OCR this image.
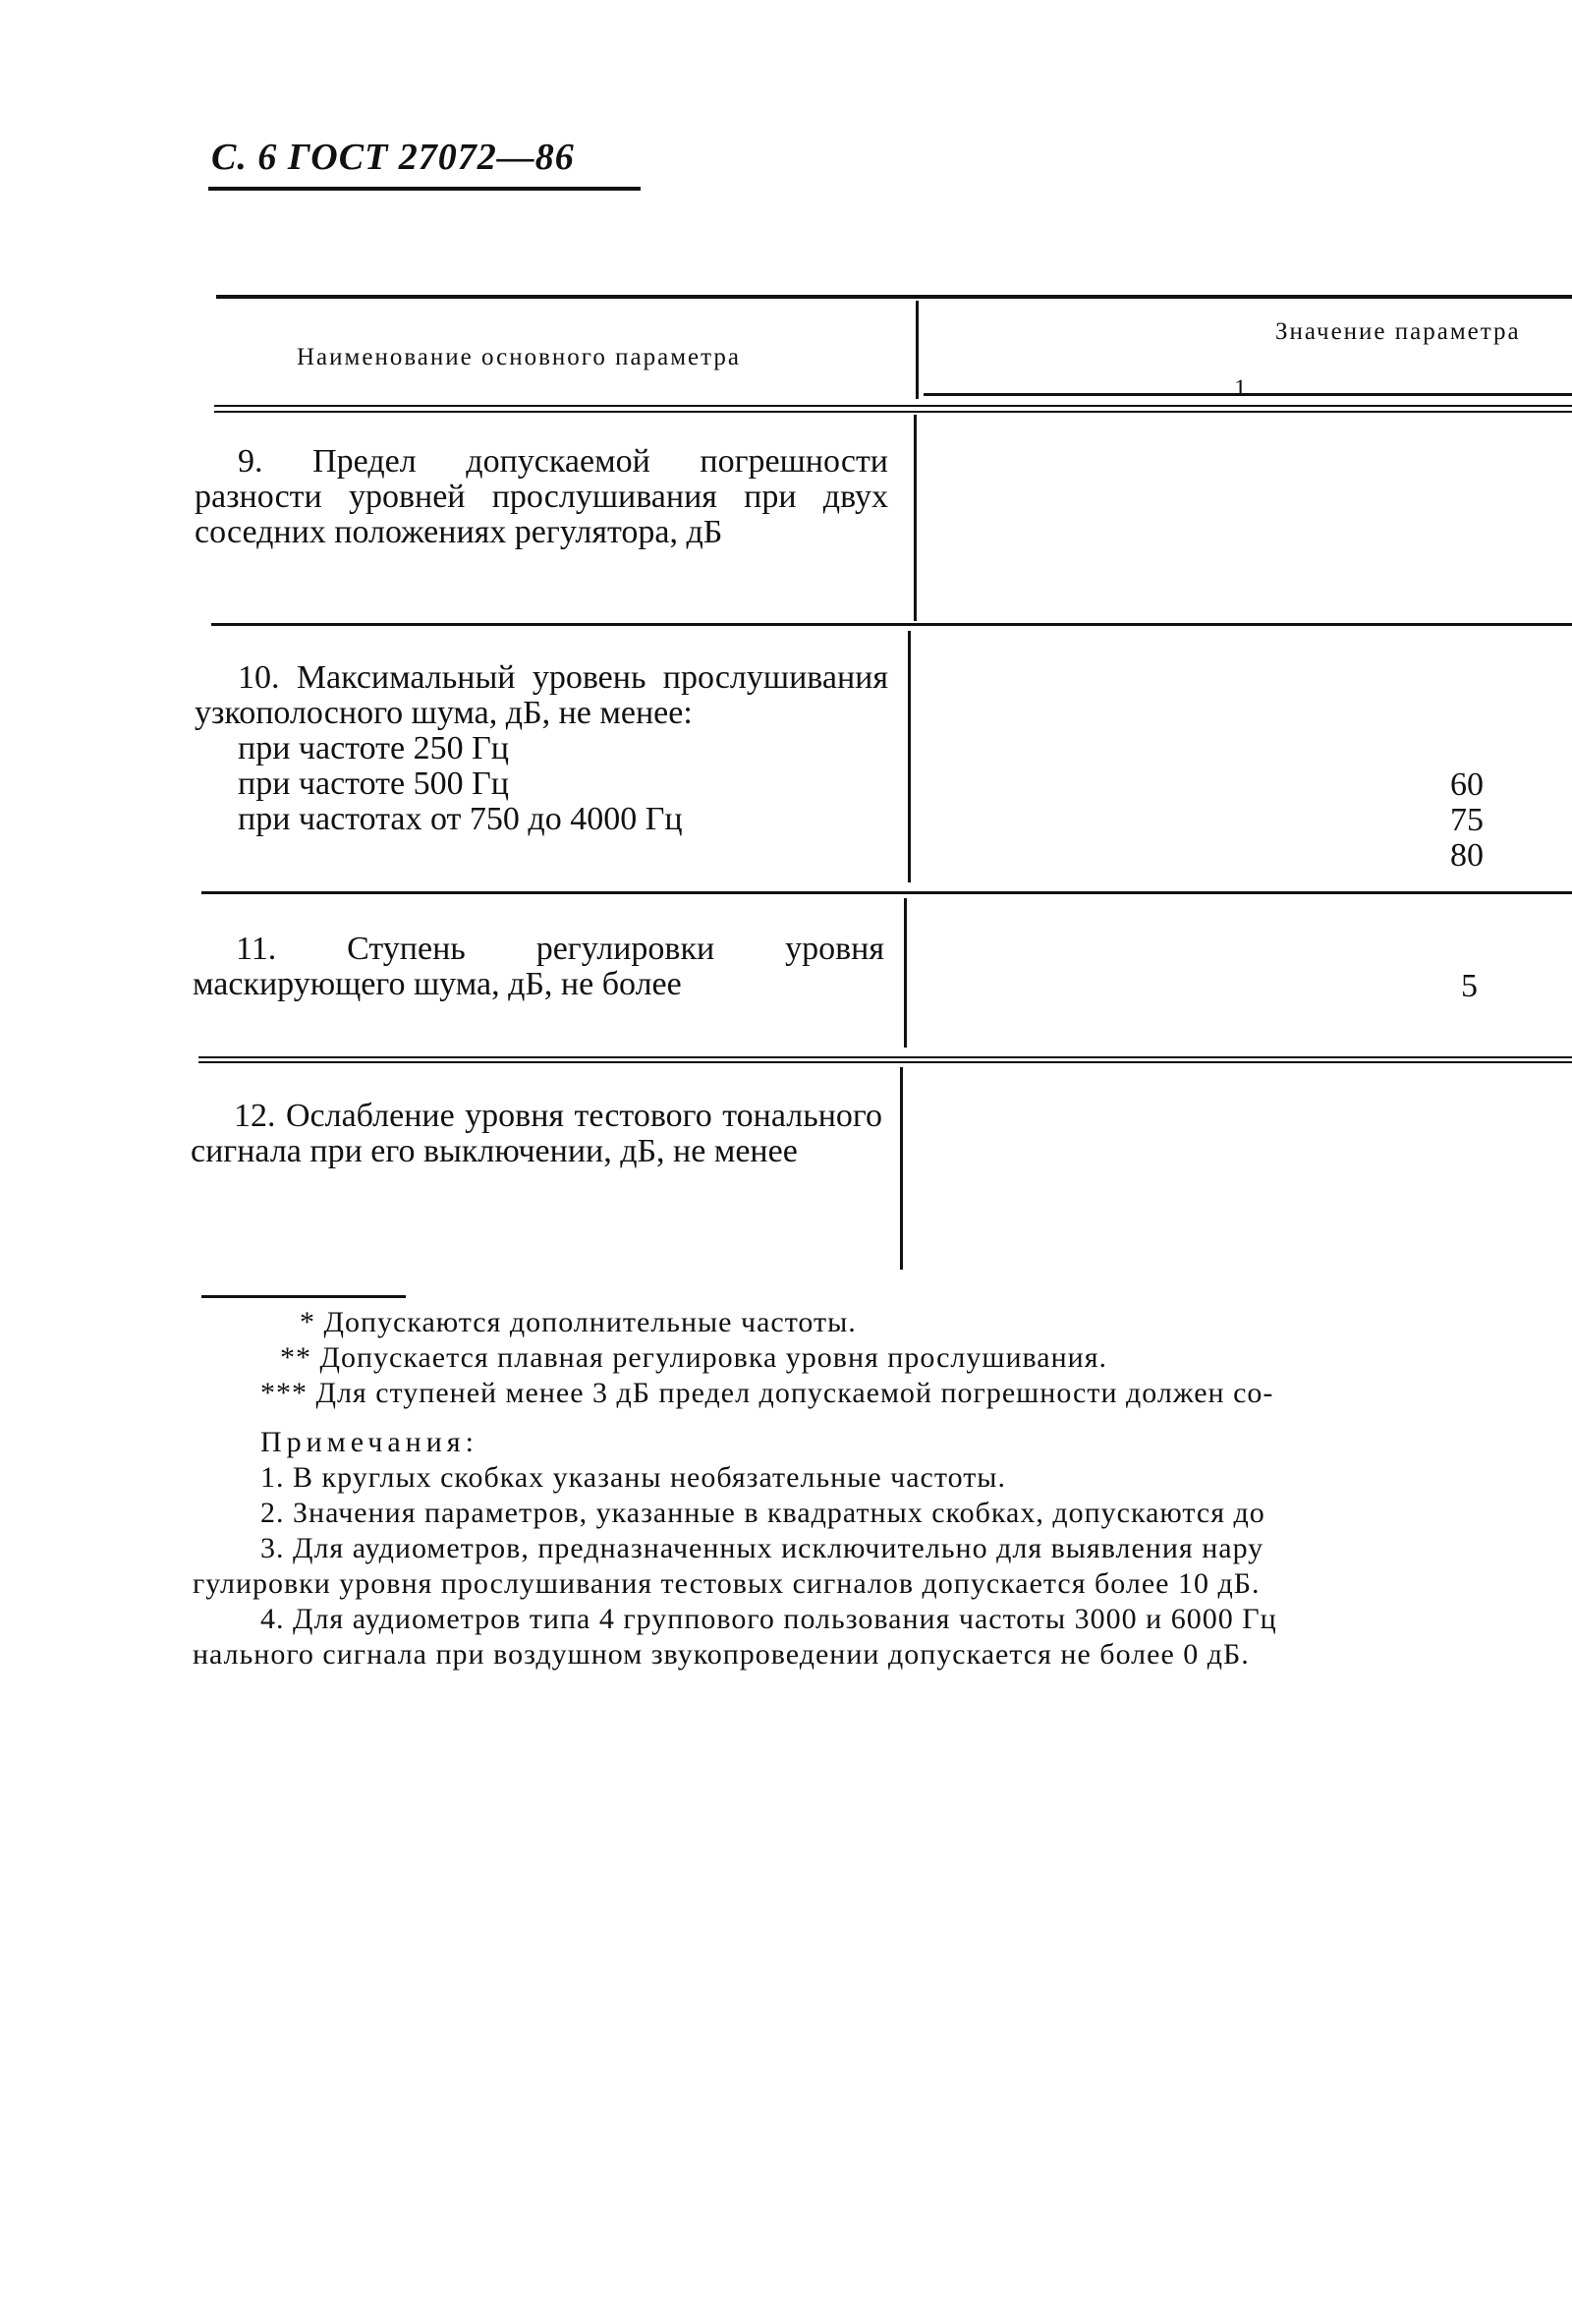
С. 6 ГОСТ 27072—86
Наименование основного параметра
Значение параметра
1
9. Предел допускаемой погрешности разности уровней прослушивания при двух соседних положениях регулятора, дБ
10. Максимальный уровень прослушивания узкополосного шума, дБ, не менее:
при частоте 250 Гц
при частоте 500 Гц
при частотах от 750 до 4000 Гц
60
75
80
11. Ступень регулировки уровня маскирующего шума, дБ, не более	5
12. Ослабление уровня тестового тонального сигнала при его выключении, дБ, не менее
* Допускаются дополнительные частоты.
** Допускается плавная регулировка уровня прослушивания.
*** Для ступеней менее 3 дБ предел допускаемой погрешности должен со-
Примечания:
1. В круглых скобках указаны необязательные частоты.
2. Значения параметров, указанные в квадратных скобках, допускаются до
3. Для аудиометров, предназначенных исключительно для выявления нару
гулировки уровня прослушивания тестовых сигналов допускается более 10 дБ.
4. Для аудиометров типа 4 группового пользования частоты 3000 и 6000 Гц
нального сигнала при воздушном звукопроведении допускается не более 0 дБ.
